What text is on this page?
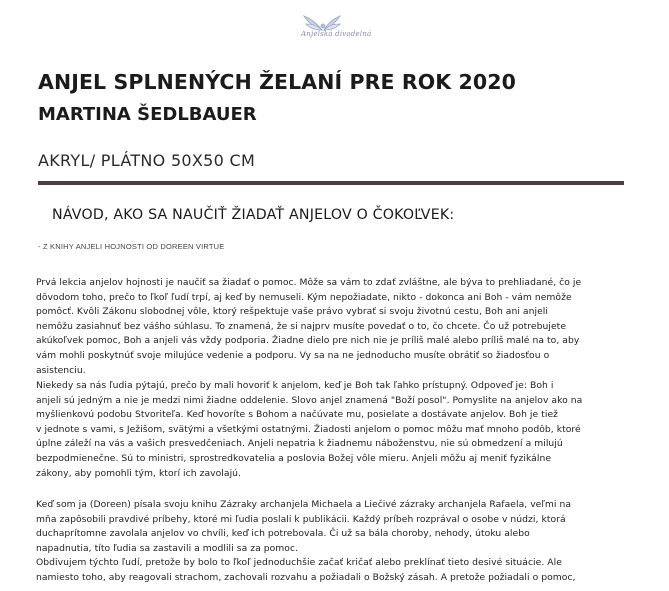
Anjelská divadelná
ANJEL SPLNENÝCH ŽELANÍ PRE ROK 2020
MARTINA ŠEDLBAUER
AKRYL/ PLÁTNO 50X50 CM
NÁVOD, AKO SA NAUČIŤ ŽIADAŤ ANJELOV O ČOKOĽVEK:
- Z KNIHY ANJELI HOJNOSTI OD DOREEN VIRTUE
Prvá lekcia anjelov hojnosti je naučiť sa žiadať o pomoc. Môže sa vám to zdať zvláštne, ale býva to prehliadané, čo je
dôvodom toho, prečo to ľkoľ ľudí trpí, aj keď by nemuseli. Kým nepožiadate, nikto - dokonca ani Boh - vám nemôže
pomôcť. Kvôli Zákonu slobodnej vôle, ktorý rešpektuje vaše právo vybrať si svoju životnú cestu, Boh ani anjeli
nemôžu zasiahnuť bez vášho súhlasu. To znamená, že si najprv musíte povedať o to, čo chcete. Čo už potrebujete
akúkoľvek pomoc, Boh a anjeli vás vždy podporia. Žiadne dielo pre nich nie je príliš malé alebo príliš malé na to, aby
vám mohli poskytnúť svoje milujúce vedenie a podporu. Vy sa na ne jednoducho musíte obrátiť so žiadosťou o
asistenciu.
Niekedy sa nás ľudia pýtajú, prečo by mali hovoriť k anjelom, keď je Boh tak ľahko prístupný. Odpoveď je: Boh i
anjeli sú jedným a nie je medzi nimi žiadne oddelenie. Slovo anjel znamená "Boží posol". Pomyslite na anjelov ako na
myšlienkovú podobu Stvoriteľa. Keď hovoríte s Bohom a načúvate mu, posielate a dostávate anjelov. Boh je tiež
v jednote s vami, s Ježišom, svätými a všetkými ostatnými. Žiadosti anjelom o pomoc môžu mať mnoho podôb, ktoré
úplne záleží na vás a vašich presvedčeniach. Anjeli nepatria k žiadnemu náboženstvu, nie sú obmedzení a milujú
bezpodmienečne. Sú to ministri, sprostredkovatelia a poslovia Božej vôle mieru. Anjeli môžu aj meniť fyzikálne
zákony, aby pomohli tým, ktorí ich zavolajú.
Keď som ja (Doreen) písala svoju knihu Zázraky archanjela Michaela a Liečivé zázraky archanjela Rafaela, veľmi na
mňa zapôsobili pravdivé príbehy, ktoré mi ľudia poslali k publikácii. Každý príbeh rozprával o osobe v núdzi, ktorá
duchaprítomne zavolala anjelov vo chvíli, keď ich potrebovala. Či už sa bála choroby, nehody, útoku alebo
napadnutia, títo ľudia sa zastavili a modlili sa za pomoc.
Obdivujem týchto ľudí, pretože by bolo to ľkoľ jednoduchšie začať kričať alebo preklínať tieto desivé situácie. Ale
namiesto toho, aby reagovali strachom, zachovali rozvahu a požiadali o Božský zásah. A pretože požiadali o pomoc,
